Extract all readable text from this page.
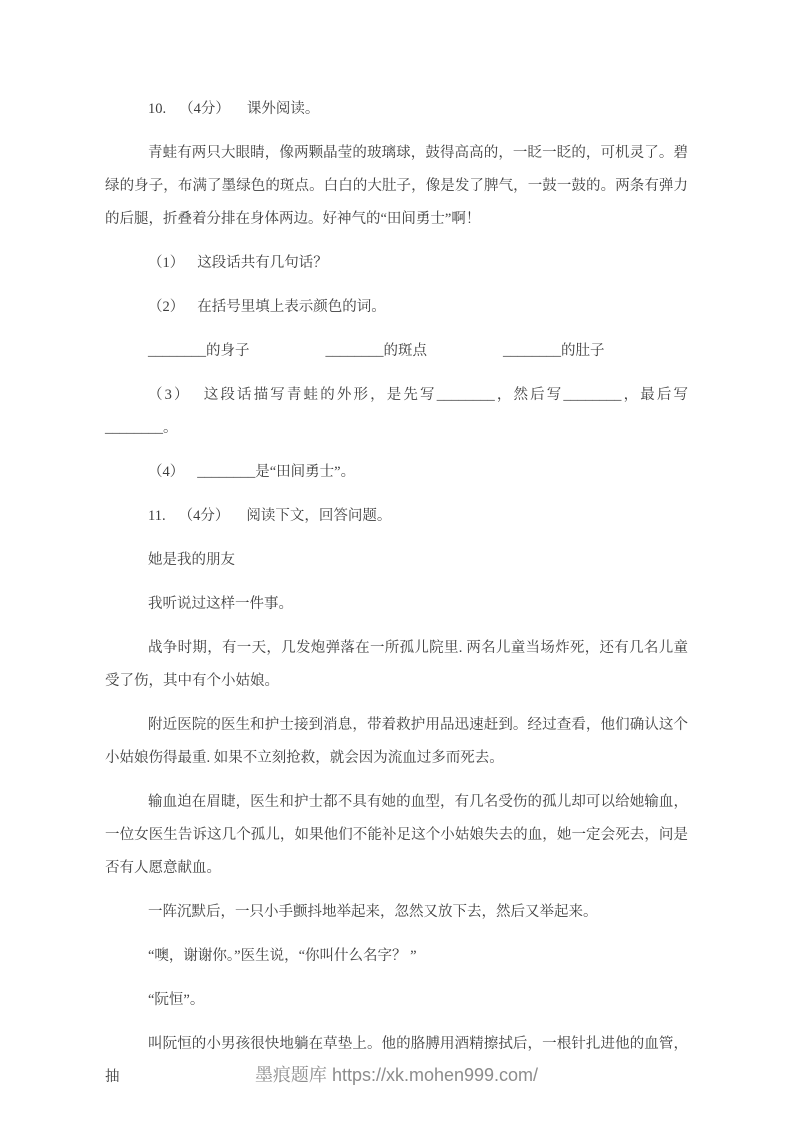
10. （4分） 课外阅读。

青蛙有两只大眼睛，像两颗晶莹的玻璃球，鼓得高高的，一眨一眨的，可机灵了。碧绿的身子，布满了墨绿色的斑点。白白的大肚子，像是发了脾气，一鼓一鼓的。两条有弹力的后腿，折叠着分排在身体两边。好神气的“田间勇士”啊！

（1） 这段话共有几句话？

（2） 在括号里填上表示颜色的词。

________的身子	________的斑点	________的肚子

（3） 这段话描写青蛙的外形，是先写________，然后写________，最后写________。

（4） ________是“田间勇士”。

11. （4分） 阅读下文，回答问题。

她是我的朋友

我听说过这样一件事。

战争时期，有一天，几发炮弹落在一所孤儿院里. 两名儿童当场炸死，还有几名儿童受了伤，其中有个小姑娘。

附近医院的医生和护士接到消息，带着救护用品迅速赶到。经过查看，他们确认这个小姑娘伤得最重. 如果不立刻抢救，就会因为流血过多而死去。

输血迫在眉睫，医生和护士都不具有她的血型，有几名受伤的孤儿却可以给她输血，一位女医生告诉这几个孤儿，如果他们不能补足这个小姑娘失去的血，她一定会死去，问是否有人愿意献血。

一阵沉默后，一只小手颤抖地举起来，忽然又放下去，然后又举起来。

“噢，谢谢你。”医生说，“你叫什么名字？ ”

“阮恒”。

叫阮恒的小男孩很快地躺在草垫上。他的胳膊用酒精擦拭后，一根针扎进他的血管，抽	墨痕题库 https://xk.mohen999.com/
